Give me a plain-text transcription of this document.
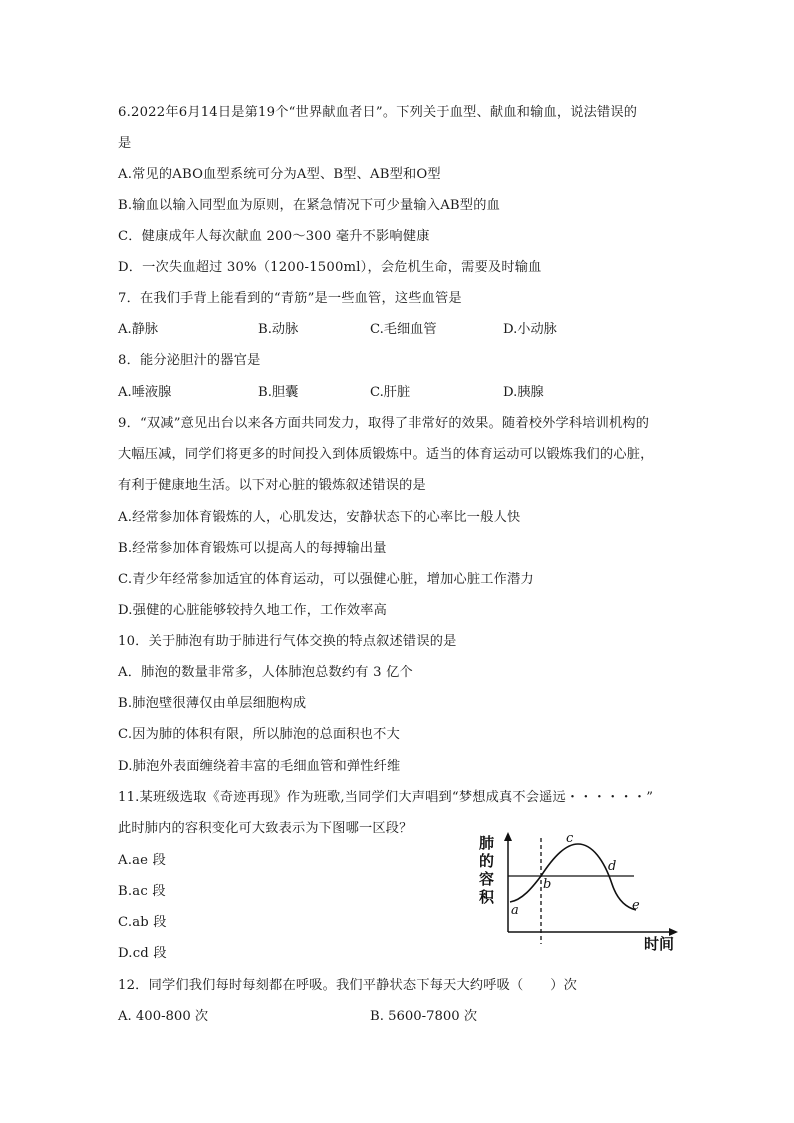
6.2022年6月14日是第19个“世界献血者日”。下列关于血型、献血和输血，说法错误的
是
A.常见的ABO血型系统可分为A型、B型、AB型和O型
B.输血以输入同型血为原则，在紧急情况下可少量输入AB型的血
C．健康成年人每次献血 200～300 毫升不影响健康
D．一次失血超过 30%（1200-1500ml），会危机生命，需要及时输血
7．在我们手背上能看到的“青筋”是一些血管，这些血管是
A.静脉	B.动脉	C.毛细血管	D.小动脉
8．能分泌胆汁的器官是
A.唾液腺	B.胆囊	C.肝脏	D.胰腺
9．“双减”意见出台以来各方面共同发力，取得了非常好的效果。随着校外学科培训机构的
大幅压减，同学们将更多的时间投入到体质锻炼中。适当的体育运动可以锻炼我们的心脏，
有利于健康地生活。以下对心脏的锻炼叙述错误的是
A.经常参加体育锻炼的人，心肌发达，安静状态下的心率比一般人快
B.经常参加体育锻炼可以提高人的每搏输出量
C.青少年经常参加适宜的体育运动，可以强健心脏，增加心脏工作潜力
D.强健的心脏能够较持久地工作，工作效率高
10．关于肺泡有助于肺进行气体交换的特点叙述错误的是
A．肺泡的数量非常多，人体肺泡总数约有 3 亿个
B.肺泡壁很薄仅由单层细胞构成
C.因为肺的体积有限，所以肺泡的总面积也不大
D.肺泡外表面缠绕着丰富的毛细血管和弹性纤维
11.某班级选取《奇迹再现》作为班歌,当同学们大声唱到“梦想成真不会遥远・・・・・・”
此时肺内的容积变化可大致表示为下图哪一区段？
A.ae 段
B.ac 段
C.ab 段
D.cd 段
肺
的
容
积
时间
a
b
c
d
e
12．同学们我们每时每刻都在呼吸。我们平静状态下每天大约呼吸（　　）次
A. 400-800 次	B. 5600-7800 次
